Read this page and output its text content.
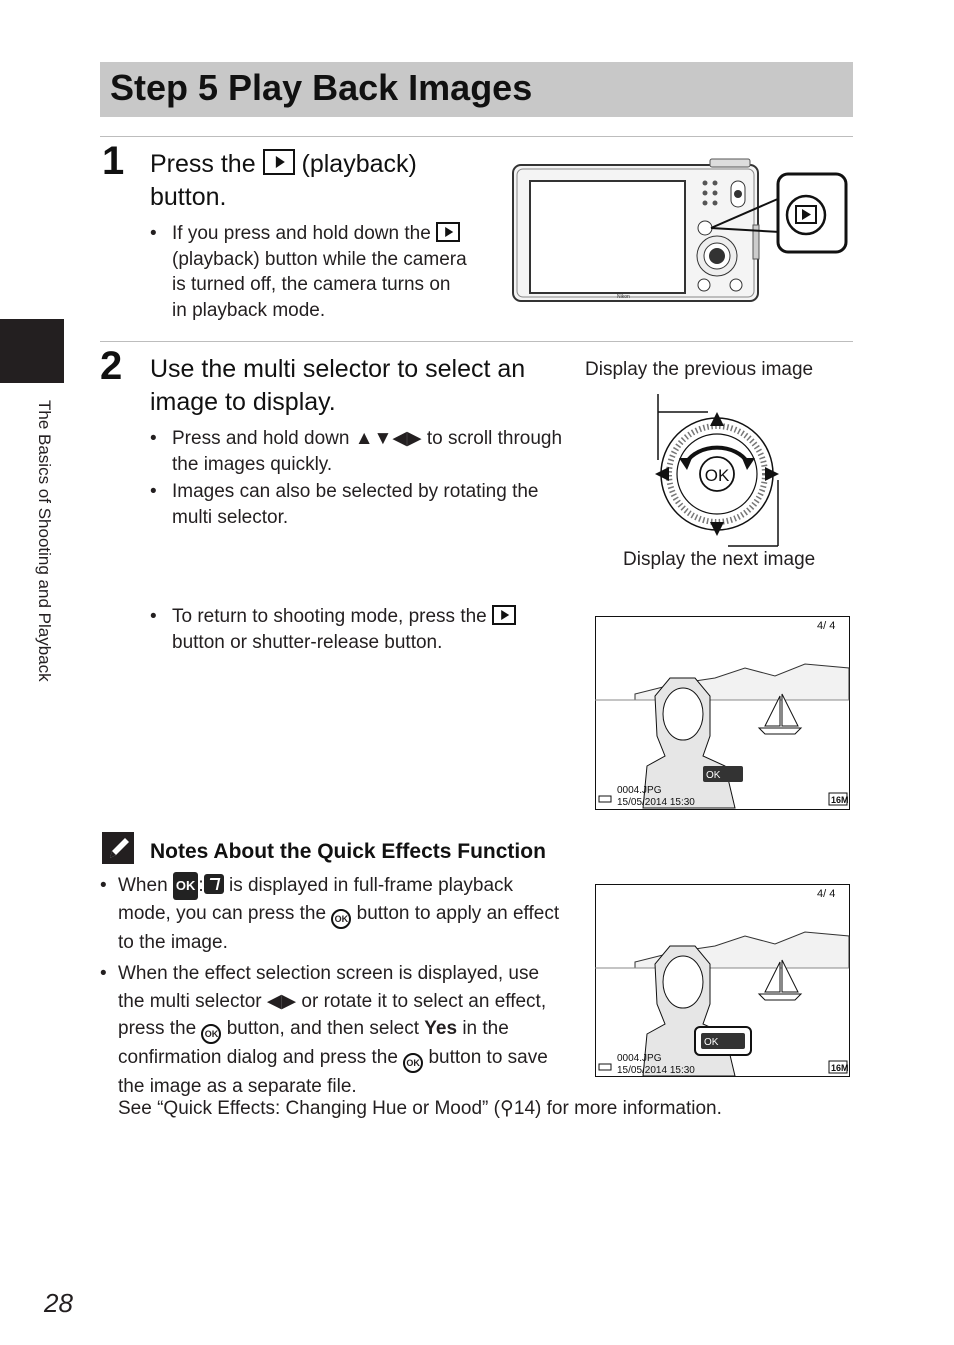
Step 5 Play Back Images
The Basics of Shooting and Playback
1 Press the (playback)
button.
• If you press and hold down the  (playback) button while the camera is turned off, the camera turns on in playback mode.
Nikon
2 Use the multi selector to select an
image to display.
• Press and hold down ▲▼◀▶ to scroll through the images quickly.
• Images can also be selected by rotating the multi selector.
Display the previous image
Display the next image
OK
• To return to shooting mode, press the  button or shutter-release button.
OK
4/ 4
0004.JPG
15/05/2014 15:30	16M
Notes About the Quick Effects Function
• When OK : is displayed in full-frame playback mode, you can press the OK button to apply an effect to the image.
• When the effect selection screen is displayed, use the multi selector ◀▶ or rotate it to select an effect, press the OK button, and then select Yes in the confirmation dialog and press the OK button to save the image as a separate file.
See “Quick Effects: Changing Hue or Mood” (⚲14) for more information.
OK
4/ 4
0004.JPG
15/05/2014 15:30	16M
28
